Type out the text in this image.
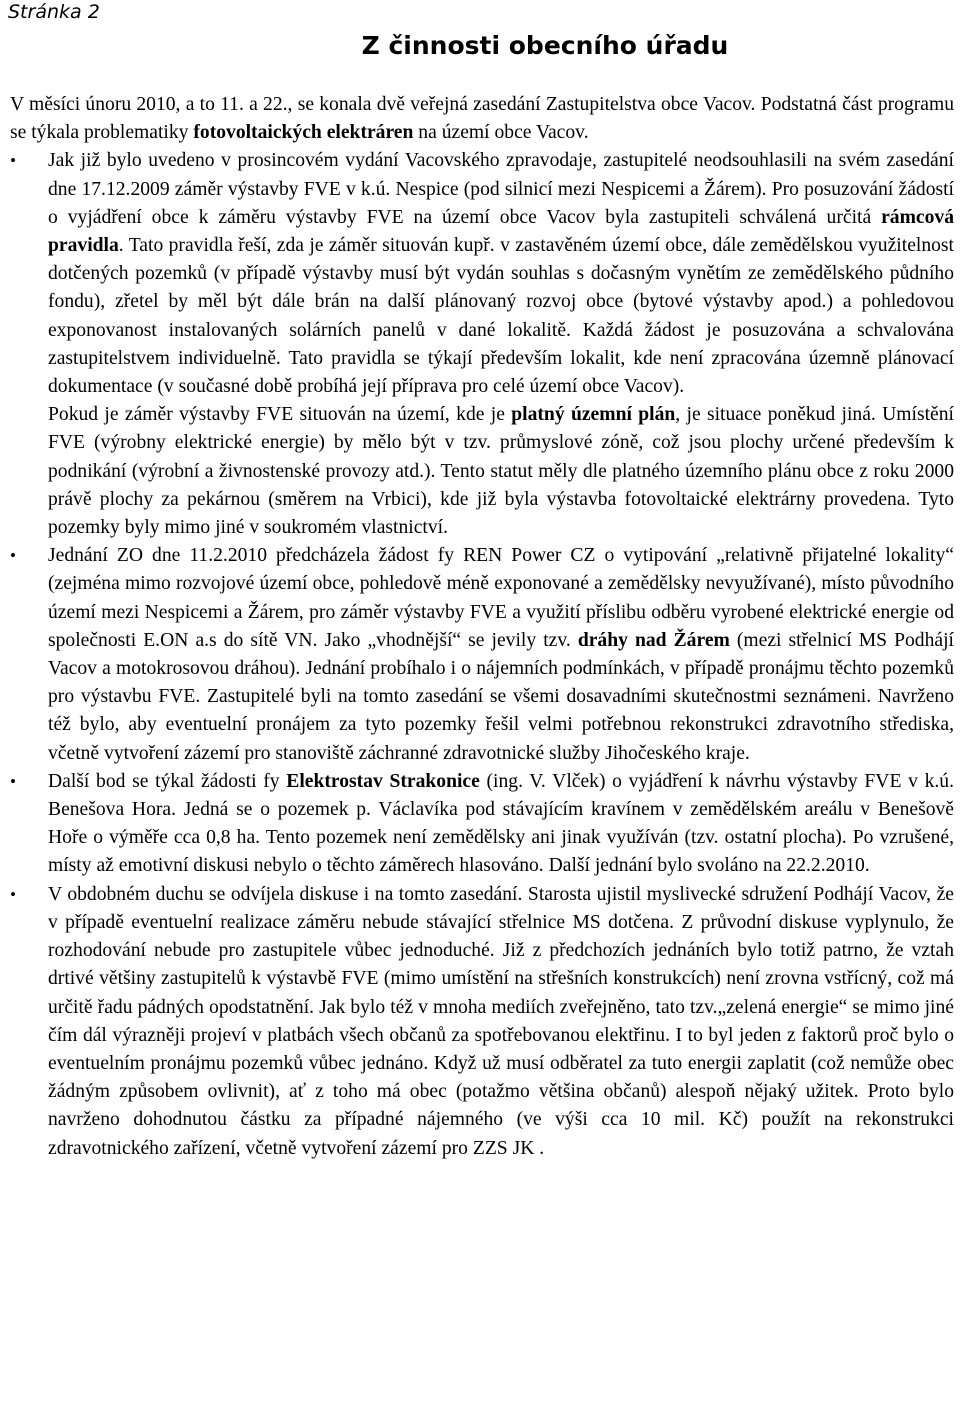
Stránka 2
Z činnosti obecního úřadu

V měsíci únoru 2010, a to 11. a 22., se konala dvě veřejná zasedání Zastupitelstva obce Vacov. Podstatná část programu se týkala problematiky fotovoltaických elektráren na území obce Vacov.

• Jak již bylo uvedeno v prosincovém vydání Vacovského zpravodaje, zastupitelé neodsouhlasili na svém zasedání dne 17.12.2009 záměr výstavby FVE v k.ú. Nespice (pod silnicí mezi Nespicemi a Žárem). Pro posuzování žádostí o vyjádření obce k záměru výstavby FVE na území obce Vacov byla zastupiteli schválená určitá rámcová pravidla. Tato pravidla řeší, zda je záměr situován kupř. v zastavěném území obce, dále zemědělskou využitelnost dotčených pozemků (v případě výstavby musí být vydán souhlas s dočasným vynětím ze zemědělského půdního fondu), zřetel by měl být dále brán na další plánovaný rozvoj obce (bytové výstavby apod.) a pohledovou exponovanost instalovaných solárních panelů v dané lokalitě. Každá žádost je posuzována a schvalována zastupitelstvem individuelně. Tato pravidla se týkají především lokalit, kde není zpracována územně plánovací dokumentace (v současné době probíhá její příprava pro celé území obce Vacov).

Pokud je záměr výstavby FVE situován na území, kde je platný územní plán, je situace poněkud jiná. Umístění FVE (výrobny elektrické energie) by mělo být v tzv. průmyslové zóně, což jsou plochy určené především k podnikání (výrobní a živnostenské provozy atd.). Tento statut měly dle platného územního plánu obce z roku 2000 právě plochy za pekárnou (směrem na Vrbici), kde již byla výstavba fotovoltaické elektrárny provedena. Tyto pozemky byly mimo jiné v soukromém vlastnictví.

• Jednání ZO dne 11.2.2010 předcházela žádost fy REN Power CZ o vytipování „relativně přijatelné lokality“ (zejména mimo rozvojové území obce, pohledově méně exponované a zemědělsky nevyužívané), místo původního území mezi Nespicemi a Žárem, pro záměr výstavby FVE a využití příslibu odběru vyrobené elektrické energie od společnosti E.ON a.s do sítě VN. Jako „vhodnější“ se jevily tzv. dráhy nad Žárem (mezi střelnicí MS Podhájí Vacov a motokrosovou dráhou). Jednání probíhalo i o nájemních podmínkách, v případě pronájmu těchto pozemků pro výstavbu FVE. Zastupitelé byli na tomto zasedání se všemi dosavadními skutečnostmi seznámeni. Navrženo též bylo, aby eventuelní pronájem za tyto pozemky řešil velmi potřebnou rekonstrukci zdravotního střediska, včetně vytvoření zázemí pro stanoviště záchranné zdravotnické služby Jihočeského kraje.

• Další bod se týkal žádosti fy Elektrostav Strakonice (ing. V. Vlček) o vyjádření k návrhu výstavby FVE v k.ú. Benešova Hora. Jedná se o pozemek p. Václavíka pod stávajícím kravínem v zemědělském areálu v Benešově Hoře o výměře cca 0,8 ha. Tento pozemek není zemědělsky ani jinak využíván (tzv. ostatní plocha). Po vzrušené, místy až emotivní diskusi nebylo o těchto záměrech hlasováno. Další jednání bylo svoláno na 22.2.2010.

• V obdobném duchu se odvíjela diskuse i na tomto zasedání. Starosta ujistil myslivecké sdružení Podhájí Vacov, že v případě eventuelní realizace záměru nebude stávající střelnice MS dotčena. Z průvodní diskuse vyplynulo, že rozhodování nebude pro zastupitele vůbec jednoduché. Již z předchozích jednáních bylo totiž patrno, že vztah drtivé většiny zastupitelů k výstavbě FVE (mimo umístění na střešních konstrukcích) není zrovna vstřícný, což má určitě řadu pádných opodstatnění. Jak bylo též v mnoha mediích zveřejněno, tato tzv.„zelená energie“ se mimo jiné čím dál výrazněji projeví v platbách všech občanů za spotřebovanou elektřinu. I to byl jeden z faktorů proč bylo o eventuelním pronájmu pozemků vůbec jednáno. Když už musí odběratel za tuto energii zaplatit (což nemůže obec žádným způsobem ovlivnit), ať z toho má obec (potažmo většina občanů) alespoň nějaký užitek. Proto bylo navrženo dohodnutou částku za případné nájemného (ve výši cca 10 mil. Kč) použít na rekonstrukci zdravotnického zařízení, včetně vytvoření zázemí pro ZZS JK .
